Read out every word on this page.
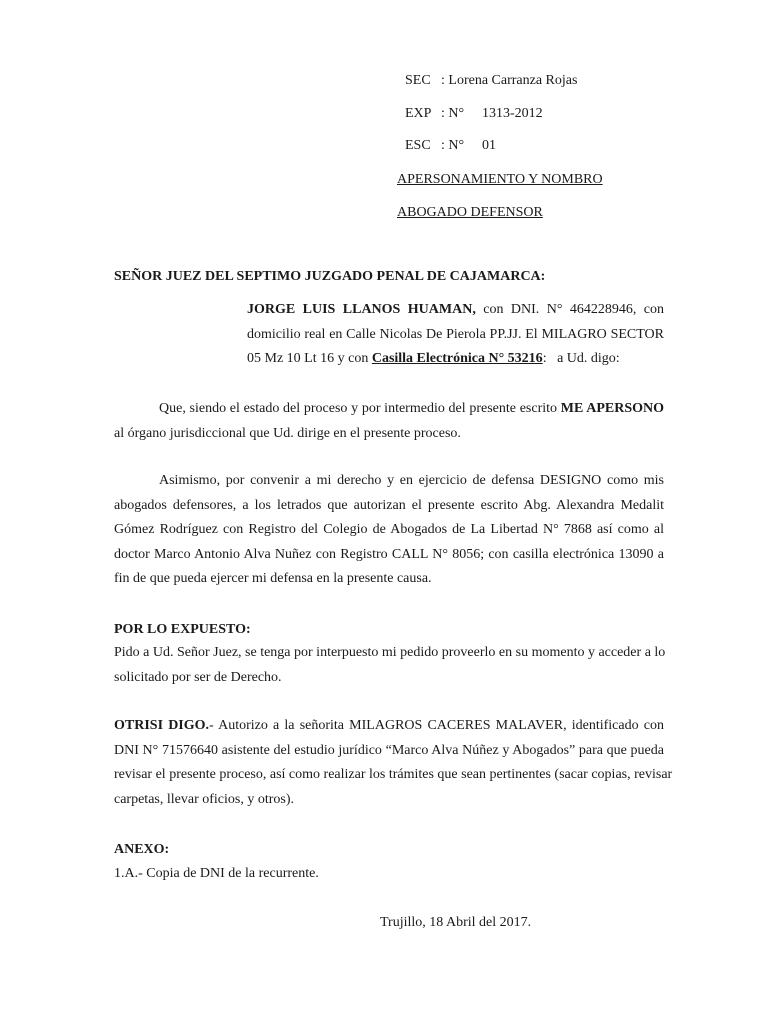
SEC : Lorena Carranza Rojas
EXP : N° 1313-2012
ESC : N° 01
APERSONAMIENTO Y NOMBRO
ABOGADO DEFENSOR
SEÑOR JUEZ DEL SEPTIMO JUZGADO PENAL DE CAJAMARCA:
JORGE LUIS LLANOS HUAMAN, con DNI. N° 464228946, con
domicilio real en Calle Nicolas De Pierola PP.JJ. El MILAGRO SECTOR
05 Mz 10 Lt 16 y con Casilla Electrónica N° 53216:   a Ud. digo:
Que, siendo el estado del proceso y por intermedio del presente escrito ME APERSONO
al órgano jurisdiccional que Ud. dirige en el presente proceso.
Asimismo, por convenir a mi derecho y en ejercicio de defensa DESIGNO como mis
abogados defensores, a los letrados que autorizan el presente escrito Abg. Alexandra Medalit
Gómez Rodríguez con Registro del Colegio de Abogados de La Libertad N° 7868 así como al
doctor Marco Antonio Alva Nuñez con Registro CALL N° 8056; con casilla electrónica 13090 a
fin de que pueda ejercer mi defensa en la presente causa.
POR LO EXPUESTO:
Pido a Ud. Señor Juez, se tenga por interpuesto mi pedido proveerlo en su momento y acceder a lo
solicitado por ser de Derecho.
OTRISI DIGO.- Autorizo a la señorita MILAGROS CACERES MALAVER, identificado con
DNI N° 71576640 asistente del estudio jurídico “Marco Alva Núñez y Abogados” para que pueda
revisar el presente proceso, así como realizar los trámites que sean pertinentes (sacar copias, revisar
carpetas, llevar oficios, y otros).
ANEXO:
1.A.- Copia de DNI de la recurrente.
Trujillo, 18 Abril del 2017.
